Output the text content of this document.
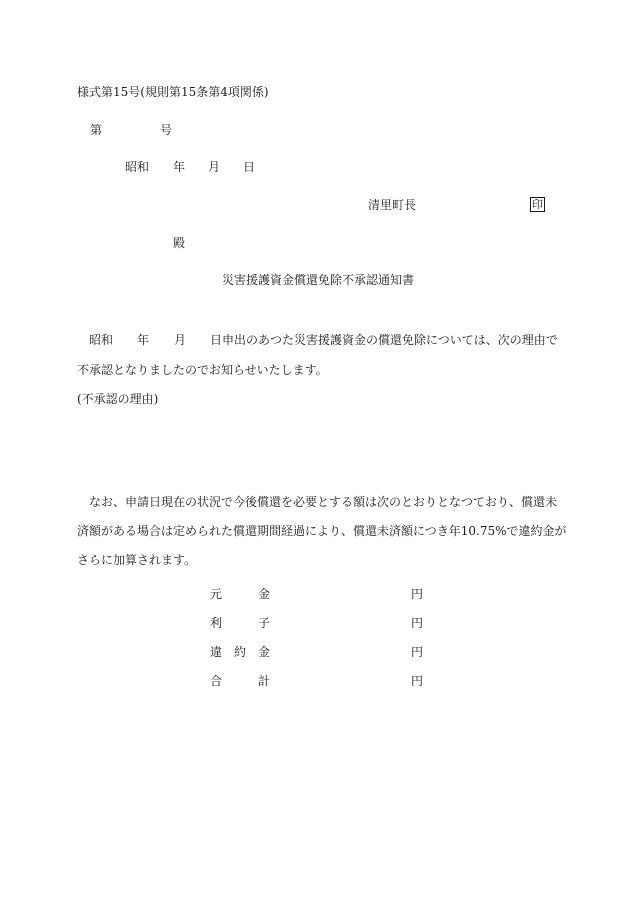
様式第15号(規則第15条第4項関係)
第	号
昭和 年 月 日
清里町長	印
殿
災害援護資金償還免除不承認通知書
昭和 年 月 日申出のあつた災害援護資金の償還免除については、次の理由で
不承認となりましたのでお知らせいたします。
(不承認の理由)
なお、申請日現在の状況で今後償還を必要とする額は次のとおりとなつており、償還未
済額がある場合は定められた償還期間経過により、償還未済額につき年10.75%で違約金が
さらに加算されます。
元	金	円
利	子	円
違 約 金	円
合	計	円
